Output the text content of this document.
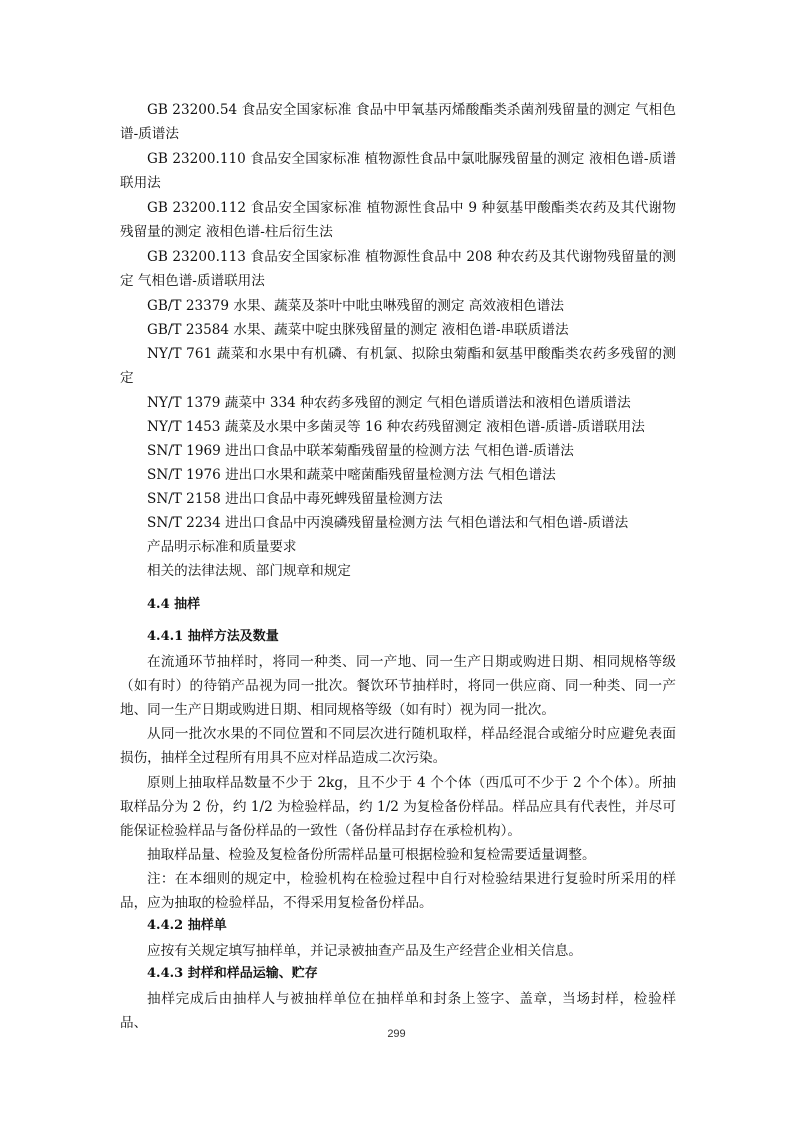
GB 23200.54 食品安全国家标准 食品中甲氧基丙烯酸酯类杀菌剂残留量的测定 气相色谱-质谱法

GB 23200.110 食品安全国家标准 植物源性食品中氯吡脲残留量的测定 液相色谱-质谱联用法

GB 23200.112 食品安全国家标准 植物源性食品中 9 种氨基甲酸酯类农药及其代谢物残留量的测定 液相色谱-柱后衍生法

GB 23200.113 食品安全国家标准 植物源性食品中 208 种农药及其代谢物残留量的测定 气相色谱-质谱联用法

GB/T 23379 水果、蔬菜及茶叶中吡虫啉残留的测定 高效液相色谱法

GB/T 23584 水果、蔬菜中啶虫脒残留量的测定 液相色谱-串联质谱法

NY/T 761 蔬菜和水果中有机磷、有机氯、拟除虫菊酯和氨基甲酸酯类农药多残留的测定

NY/T 1379 蔬菜中 334 种农药多残留的测定 气相色谱质谱法和液相色谱质谱法

NY/T 1453 蔬菜及水果中多菌灵等 16 种农药残留测定 液相色谱-质谱-质谱联用法

SN/T 1969 进出口食品中联苯菊酯残留量的检测方法 气相色谱-质谱法

SN/T 1976 进出口水果和蔬菜中嘧菌酯残留量检测方法 气相色谱法

SN/T 2158 进出口食品中毒死蜱残留量检测方法

SN/T 2234 进出口食品中丙溴磷残留量检测方法 气相色谱法和气相色谱-质谱法

产品明示标准和质量要求

相关的法律法规、部门规章和规定

4.4 抽样
4.4.1 抽样方法及数量

在流通环节抽样时，将同一种类、同一产地、同一生产日期或购进日期、相同规格等级（如有时）的待销产品视为同一批次。餐饮环节抽样时，将同一供应商、同一种类、同一产地、同一生产日期或购进日期、相同规格等级（如有时）视为同一批次。

从同一批次水果的不同位置和不同层次进行随机取样，样品经混合或缩分时应避免表面损伤，抽样全过程所有用具不应对样品造成二次污染。

原则上抽取样品数量不少于 2kg，且不少于 4 个个体（西瓜可不少于 2 个个体）。所抽取样品分为 2 份，约 1/2 为检验样品，约 1/2 为复检备份样品。样品应具有代表性，并尽可能保证检验样品与备份样品的一致性（备份样品封存在承检机构）。

抽取样品量、检验及复检备份所需样品量可根据检验和复检需要适量调整。

注：在本细则的规定中，检验机构在检验过程中自行对检验结果进行复验时所采用的样品，应为抽取的检验样品，不得采用复检备份样品。

4.4.2 抽样单

应按有关规定填写抽样单，并记录被抽查产品及生产经营企业相关信息。

4.4.3 封样和样品运输、贮存

抽样完成后由抽样人与被抽样单位在抽样单和封条上签字、盖章，当场封样，检验样品、

299
